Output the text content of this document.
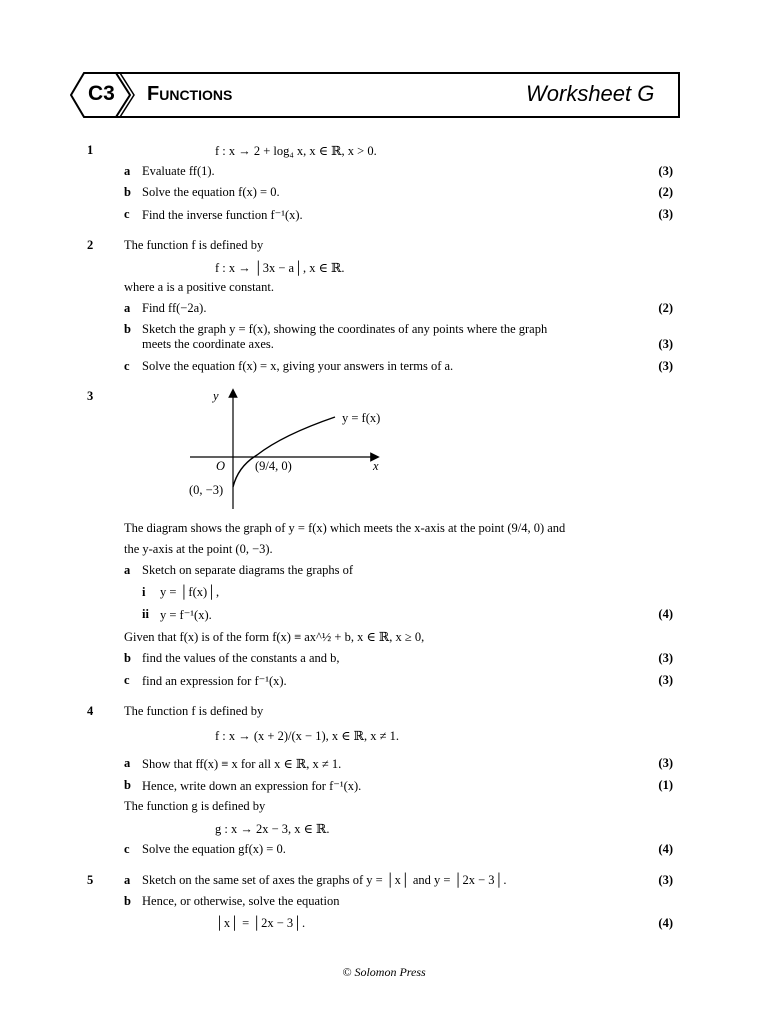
C3 Functions	Worksheet G
1	f : x → 2 + log₄ x, x ∈ ℝ, x > 0.
a Evaluate ff(1).	(3)
b Solve the equation f(x) = 0.	(2)
c Find the inverse function f⁻¹(x).	(3)
2 The function f is defined by
f : x → │3x − a│, x ∈ ℝ.
where a is a positive constant.
a Find ff(−2a).	(2)
b Sketch the graph y = f(x), showing the coordinates of any points where the graph
meets the coordinate axes.	(3)
c Solve the equation f(x) = x, giving your answers in terms of a.	(3)
3	y
x
O
y = f(x)
(9/4, 0)
(0, −3)
The diagram shows the graph of y = f(x) which meets the x-axis at the point (9/4, 0) and
the y-axis at the point (0, −3).
a Sketch on separate diagrams the graphs of
i y = │f(x)│,
ii y = f⁻¹(x).	(4)
Given that f(x) is of the form f(x) ≡ ax^½ + b, x ∈ ℝ, x ≥ 0,
b find the values of the constants a and b,	(3)
c find an expression for f⁻¹(x).	(3)
4 The function f is defined by
f : x → (x + 2)/(x − 1), x ∈ ℝ, x ≠ 1.
a Show that ff(x) ≡ x for all x ∈ ℝ, x ≠ 1.	(3)
b Hence, write down an expression for f⁻¹(x).	(1)
The function g is defined by
g : x → 2x − 3, x ∈ ℝ.
c Solve the equation gf(x) = 0.	(4)
5 a Sketch on the same set of axes the graphs of y = │x│ and y = │2x − 3│.	(3)
b Hence, or otherwise, solve the equation
│x│ = │2x − 3│.	(4)
© Solomon Press
